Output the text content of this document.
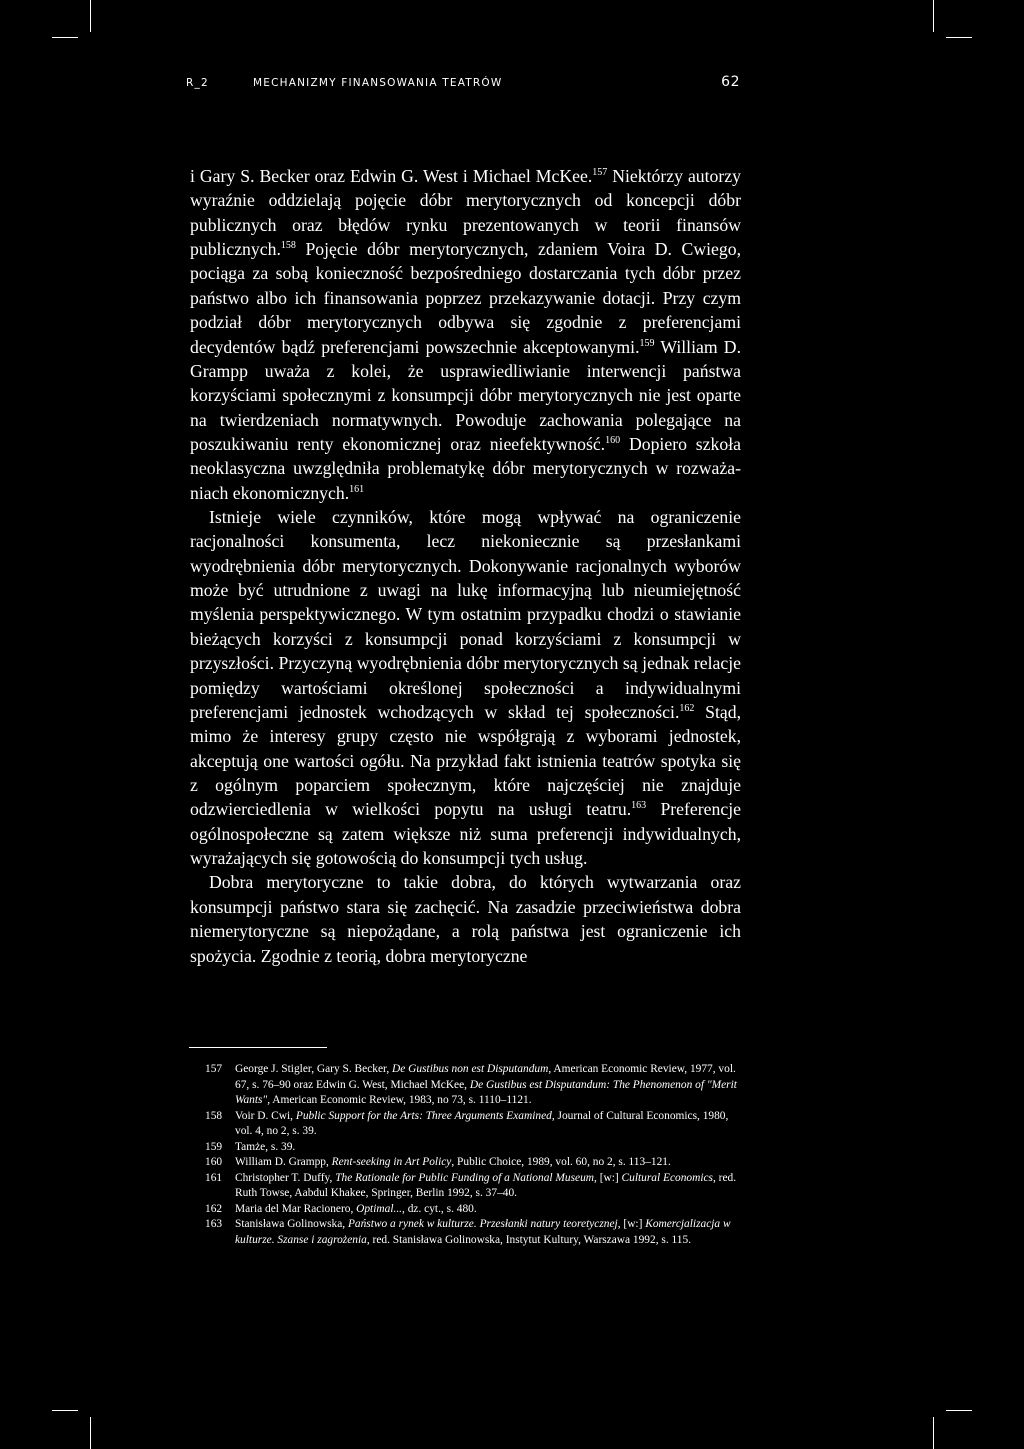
R_2	MECHANIZMY FINANSOWANIA TEATRÓW	62

i Gary S. Becker oraz Edwin G. West i Michael McKee.$^{157}$ Niektórzy autorzy wyraźnie oddzielają pojęcie dóbr merytorycznych od koncepcji dóbr publicznych oraz błędów rynku prezentowanych w teorii finansów publicznych.$^{158}$ Pojęcie dóbr merytorycznych, zdaniem Voira D. Cwiego, pociąga za sobą konieczność bezpośredniego dostarczania tych dóbr przez państwo albo ich finansowania poprzez przekazywanie dotacji. Przy czym podział dóbr merytorycznych odbywa się zgodnie z preferencjami decydentów bądź preferencjami powszechnie akceptowanymi.$^{159}$ William D. Grampp uważa z kolei, że usprawiedliwianie interwencji państwa korzyściami społecznymi z konsumpcji dóbr merytorycznych nie jest oparte na twierdzeniach normatywnych. Powoduje zachowania polegające na poszukiwaniu renty ekonomicznej oraz nieefektywność.$^{160}$ Dopiero szkoła neoklasyczna uwzględniła problematykę dóbr merytorycznych w rozważaniach ekonomicznych.$^{161}$

Istnieje wiele czynników, które mogą wpływać na ograniczenie racjonalności konsumenta, lecz niekoniecznie są przesłankami wyodrębnienia dóbr merytorycznych. Dokonywanie racjonalnych wyborów może być utrudnione z uwagi na lukę informacyjną lub nieumiejętność myślenia perspektywicznego. W tym ostatnim przypadku chodzi o stawianie bieżących korzyści z konsumpcji ponad korzyściami z konsumpcji w przyszłości. Przyczyną wyodrębnienia dóbr merytorycznych są jednak relacje pomiędzy wartościami określonej społeczności a indywidualnymi preferencjami jednostek wchodzących w skład tej społeczności.$^{162}$ Stąd, mimo że interesy grupy często nie współgrają z wyborami jednostek, akceptują one wartości ogółu. Na przykład fakt istnienia teatrów spotyka się z ogólnym poparciem społecznym, które najczęściej nie znajduje odzwierciedlenia w wielkości popytu na usługi teatru.$^{163}$ Preferencje ogólnospołeczne są zatem większe niż suma preferencji indywidualnych, wyrażających się gotowością do konsumpcji tych usług.

Dobra merytoryczne to takie dobra, do których wytwarzania oraz konsumpcji państwo stara się zachęcić. Na zasadzie przeciwieństwa dobra niemerytoryczne są niepożądane, a rolą państwa jest ograniczenie ich spożycia. Zgodnie z teorią, dobra merytoryczne

157 George J. Stigler, Gary S. Becker, De Gustibus non est Disputandum, American Economic Review, 1977, vol. 67, s. 76–90 oraz Edwin G. West, Michael McKee, De Gustibus est Disputandum: The Phenomenon of "Merit Wants", American Economic Review, 1983, no 73, s. 1110–1121.
158 Voir D. Cwi, Public Support for the Arts: Three Arguments Examined, Journal of Cultural Economics, 1980, vol. 4, no 2, s. 39.
159 Tamże, s. 39.
160 William D. Grampp, Rent-seeking in Art Policy, Public Choice, 1989, vol. 60, no 2, s. 113–121.
161 Christopher T. Duffy, The Rationale for Public Funding of a National Museum, [w:] Cultural Economics, red. Ruth Towse, Aabdul Khakee, Springer, Berlin 1992, s. 37–40.
162 Maria del Mar Racionero, Optimal..., dz. cyt., s. 480.
163 Stanisława Golinowska, Państwo a rynek w kulturze. Przesłanki natury teoretycznej, [w:] Komercjalizacja w kulturze. Szanse i zagrożenia, red. Stanisława Golinowska, Instytut Kultury, Warszawa 1992, s. 115.
